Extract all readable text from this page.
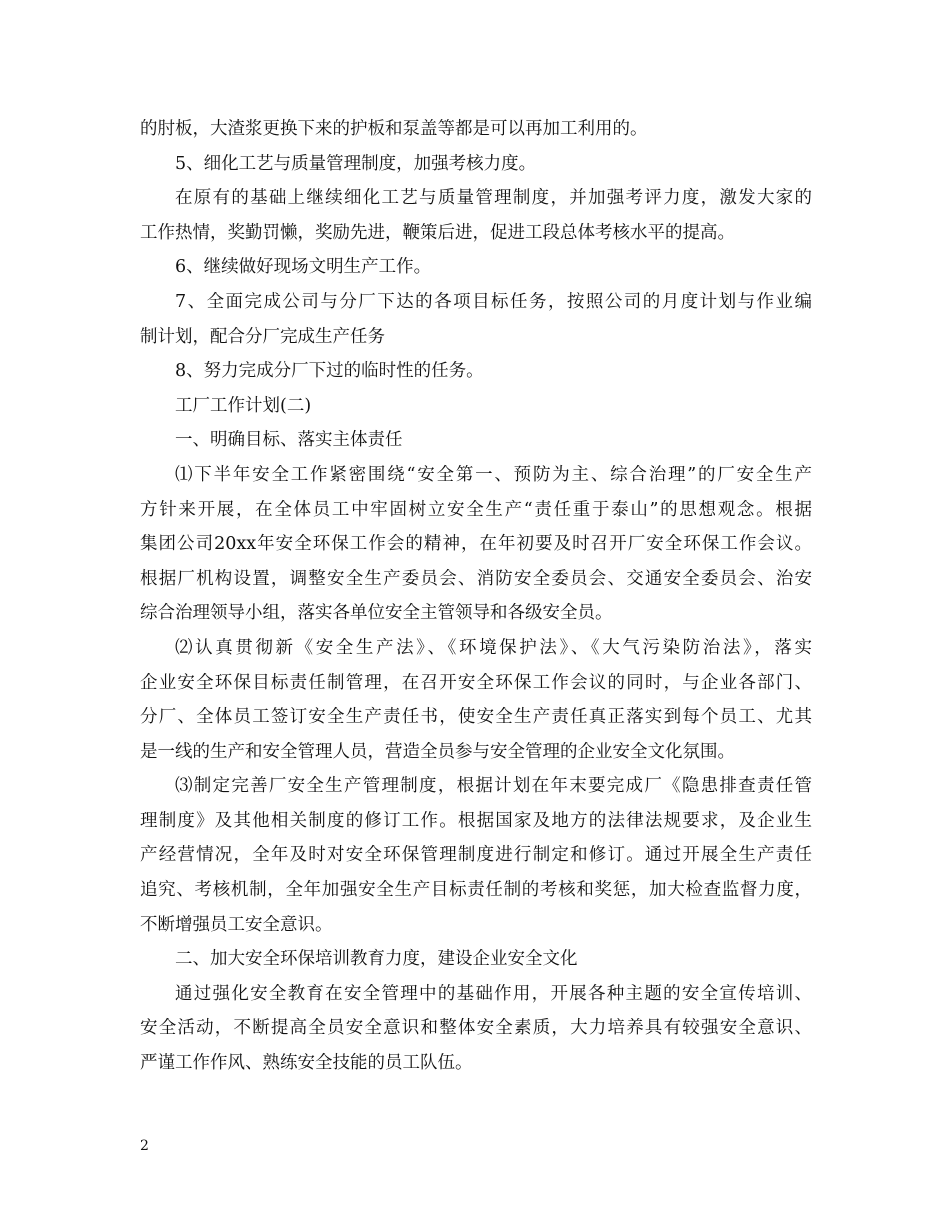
的肘板，大渣浆更换下来的护板和泵盖等都是可以再加工利用的。
5、细化工艺与质量管理制度，加强考核力度。
在原有的基础上继续细化工艺与质量管理制度，并加强考评力度，激发大家的
工作热情，奖勤罚懒，奖励先进，鞭策后进，促进工段总体考核水平的提高。
6、继续做好现场文明生产工作。
7、全面完成公司与分厂下达的各项目标任务，按照公司的月度计划与作业编
制计划，配合分厂完成生产任务
8、努力完成分厂下过的临时性的任务。
工厂工作计划(二)
一、明确目标、落实主体责任
⑴下半年安全工作紧密围绕“安全第一、预防为主、综合治理”的厂安全生产
方针来开展，在全体员工中牢固树立安全生产“责任重于泰山”的思想观念。根据
集团公司20xx年安全环保工作会的精神，在年初要及时召开厂安全环保工作会议。
根据厂机构设置，调整安全生产委员会、消防安全委员会、交通安全委员会、治安
综合治理领导小组，落实各单位安全主管领导和各级安全员。
⑵认真贯彻新《安全生产法》、《环境保护法》、《大气污染防治法》，落实
企业安全环保目标责任制管理，在召开安全环保工作会议的同时，与企业各部门、
分厂、全体员工签订安全生产责任书，使安全生产责任真正落实到每个员工、尤其
是一线的生产和安全管理人员，营造全员参与安全管理的企业安全文化氛围。
⑶制定完善厂安全生产管理制度，根据计划在年末要完成厂《隐患排查责任管
理制度》及其他相关制度的修订工作。根据国家及地方的法律法规要求，及企业生
产经营情况，全年及时对安全环保管理制度进行制定和修订。通过开展全生产责任
追究、考核机制，全年加强安全生产目标责任制的考核和奖惩，加大检查监督力度，
不断增强员工安全意识。
二、加大安全环保培训教育力度，建设企业安全文化
通过强化安全教育在安全管理中的基础作用，开展各种主题的安全宣传培训、
安全活动，不断提高全员安全意识和整体安全素质，大力培养具有较强安全意识、
严谨工作作风、熟练安全技能的员工队伍。
2
